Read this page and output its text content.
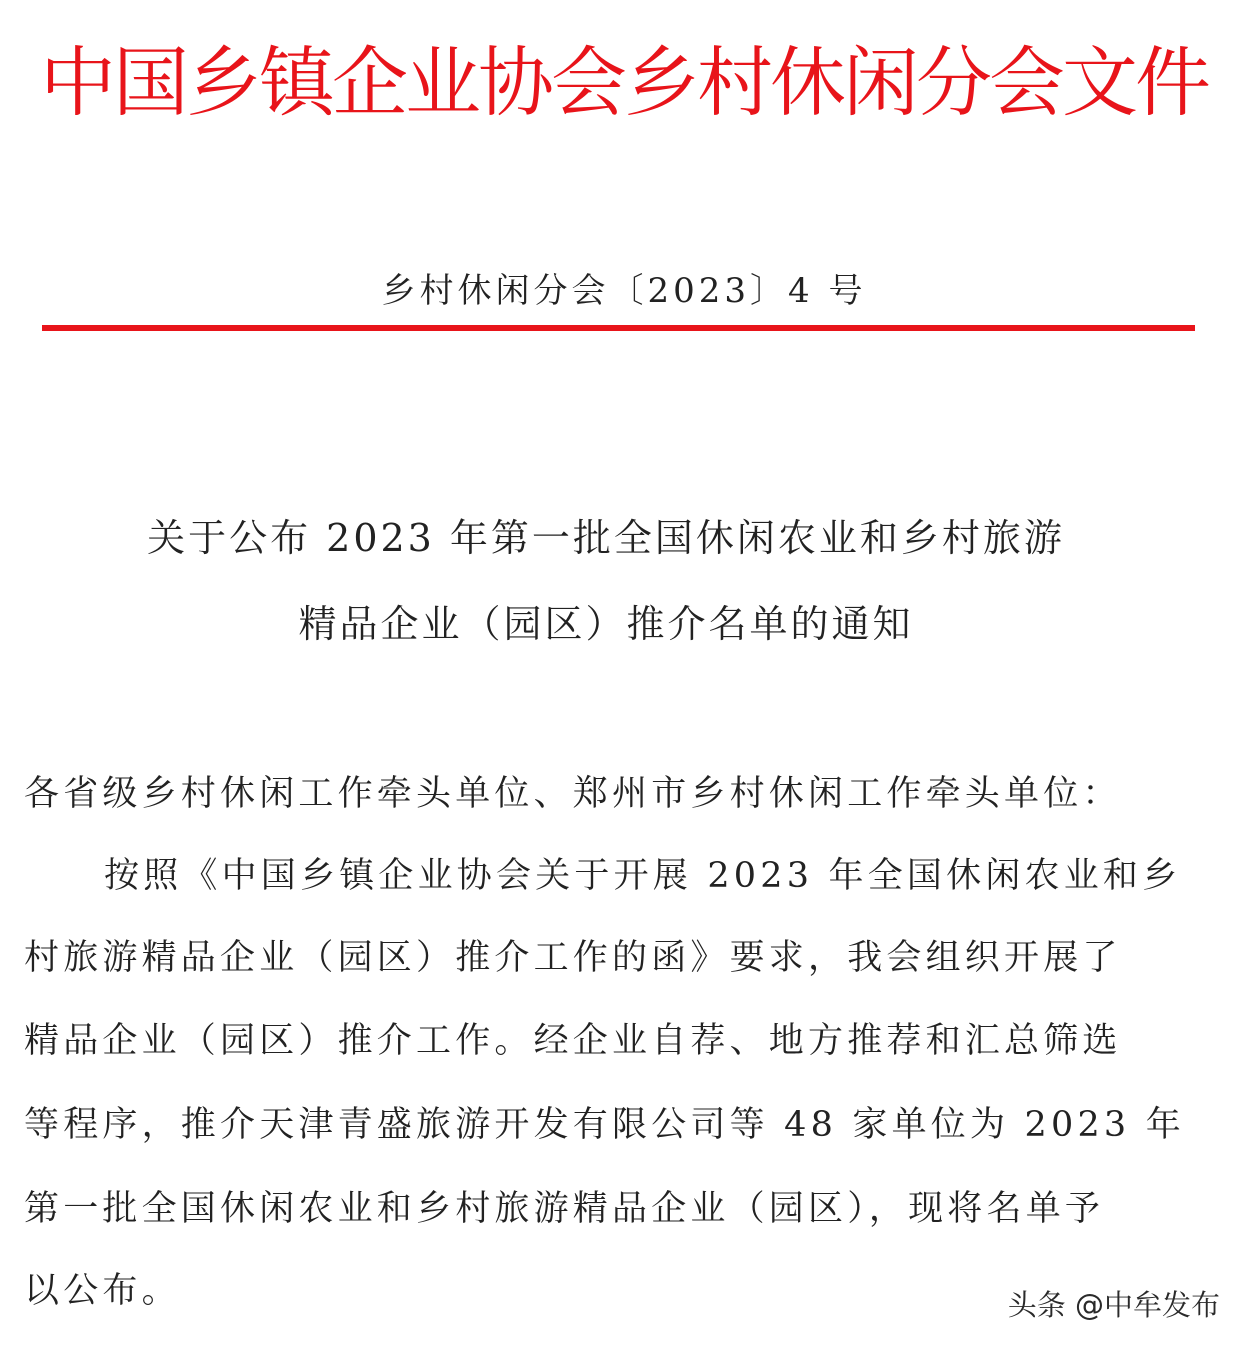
中国乡镇企业协会乡村休闲分会文件
乡村休闲分会〔2023〕4 号
关于公布 2023 年第一批全国休闲农业和乡村旅游
精品企业（园区）推介名单的通知
各省级乡村休闲工作牵头单位、郑州市乡村休闲工作牵头单位：
按照《中国乡镇企业协会关于开展 2023 年全国休闲农业和乡
村旅游精品企业（园区）推介工作的函》要求，我会组织开展了
精品企业（园区）推介工作。经企业自荐、地方推荐和汇总筛选
等程序，推介天津青盛旅游开发有限公司等 48 家单位为 2023 年
第一批全国休闲农业和乡村旅游精品企业（园区），现将名单予
以公布。	头条 @中牟发布
